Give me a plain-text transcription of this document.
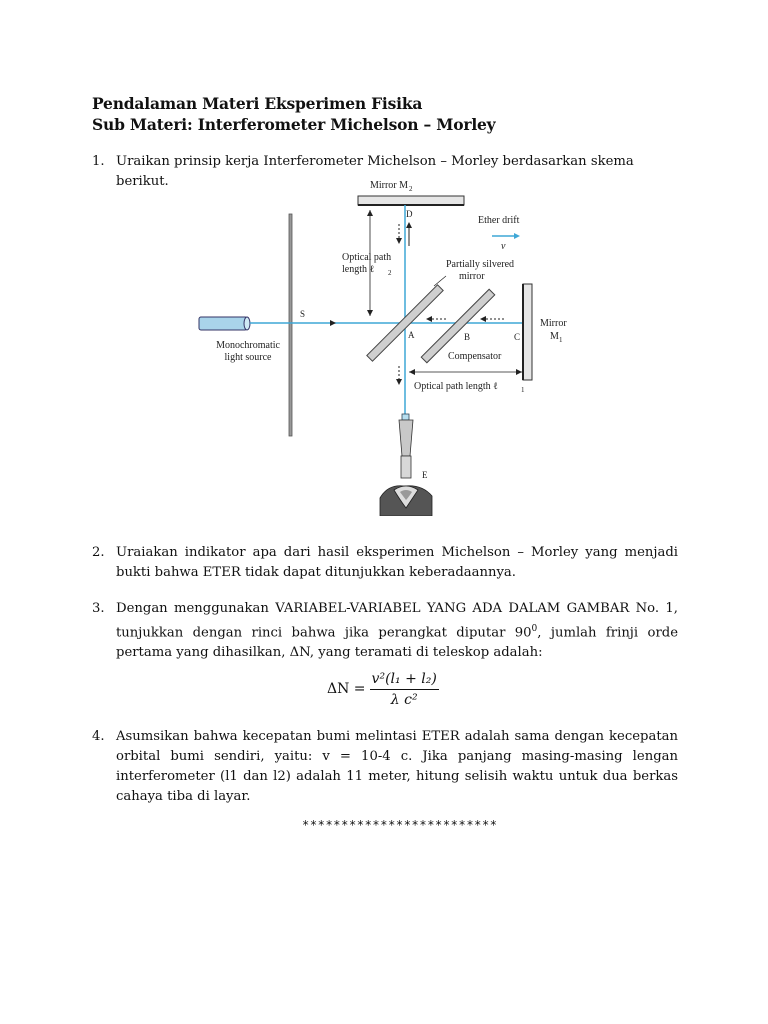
Pendalaman Materi Eksperimen Fisika
Sub Materi: Interferometer Michelson – Morley
1. Uraikan prinsip kerja Interferometer Michelson – Morley berdasarkan skema berikut.	Mirror M 2
D
Ether drift
v
Monochromatic
light source
S
Optical path
length ℓ 2
Partially silvered
mirror
A
Compensator
B	C
Mirror
M 1
Optical path length ℓ	1
E
2. Uraiakan indikator apa dari hasil eksperimen Michelson – Morley yang menjadi bukti bahwa ETER tidak dapat ditunjukkan keberadaannya.
3. Dengan menggunakan VARIABEL-VARIABEL YANG ADA DALAM GAMBAR No. 1, tunjukkan dengan rinci bahwa jika perangkat diputar $90^0$, jumlah frinji orde pertama yang dihasilkan, ΔN, yang teramati di teleskop adalah:
$\Delta N = \frac{\text{v²(l₁ + l₂)}}{\text{λ c²}}$
4. Asumsikan bahwa kecepatan bumi melintasi ETER adalah sama dengan kecepatan orbital bumi sendiri, yaitu: v = 10-4 c. Jika panjang masing-masing lengan interferometer (l1 dan l2) adalah 11 meter, hitung selisih waktu untuk dua berkas cahaya tiba di layar.
*************************
